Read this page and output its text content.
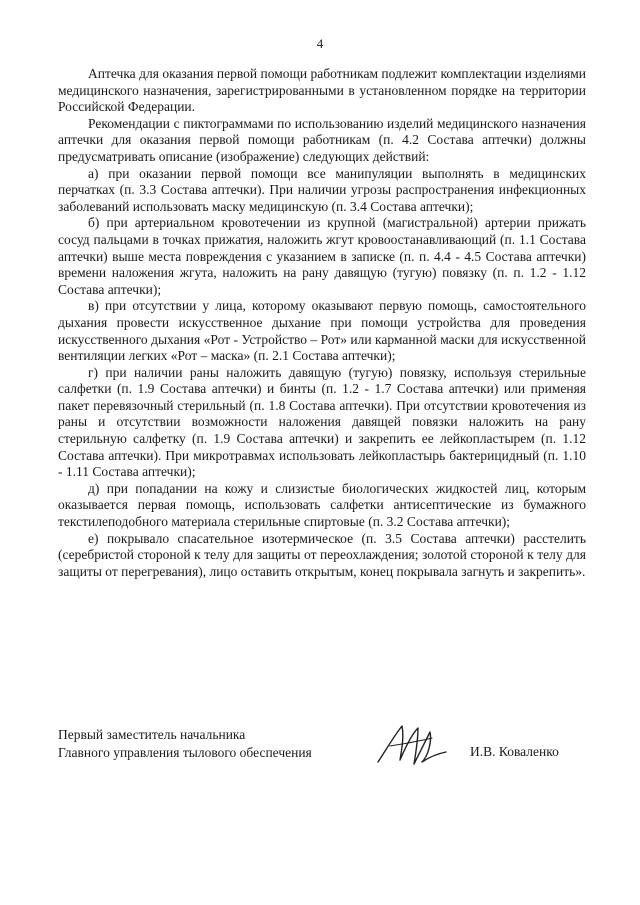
4

Аптечка для оказания первой помощи работникам подлежит комплектации изделиями медицинского назначения, зарегистрированными в установленном порядке на территории Российской Федерации.

Рекомендации с пиктограммами по использованию изделий медицинского назначения аптечки для оказания первой помощи работникам (п. 4.2 Состава аптечки) должны предусматривать описание (изображение) следующих действий:

а) при оказании первой помощи все манипуляции выполнять в медицинских перчатках (п. 3.3 Состава аптечки). При наличии угрозы распространения инфекционных заболеваний использовать маску медицинскую (п. 3.4 Состава аптечки);

б) при артериальном кровотечении из крупной (магистральной) артерии прижать сосуд пальцами в точках прижатия, наложить жгут кровоостанавливающий (п. 1.1 Состава аптечки) выше места повреждения с указанием в записке (п. п. 4.4 - 4.5 Состава аптечки) времени наложения жгута, наложить на рану давящую (тугую) повязку (п. п. 1.2 - 1.12 Состава аптечки);

в) при отсутствии у лица, которому оказывают первую помощь, самостоятельного дыхания провести искусственное дыхание при помощи устройства для проведения искусственного дыхания «Рот - Устройство – Рот» или карманной маски для искусственной вентиляции легких «Рот – маска» (п. 2.1 Состава аптечки);

г) при наличии раны наложить давящую (тугую) повязку, используя стерильные салфетки (п. 1.9 Состава аптечки) и бинты (п. 1.2 - 1.7 Состава аптечки) или применяя пакет перевязочный стерильный (п. 1.8 Состава аптечки). При отсутствии кровотечения из раны и отсутствии возможности наложения давящей повязки наложить на рану стерильную салфетку (п. 1.9 Состава аптечки) и закрепить ее лейкопластырем (п. 1.12 Состава аптечки). При микротравмах использовать лейкопластырь бактерицидный (п. 1.10 - 1.11 Состава аптечки);

д) при попадании на кожу и слизистые биологических жидкостей лиц, которым оказывается первая помощь, использовать салфетки антисептические из бумажного текстилеподобного материала стерильные спиртовые (п. 3.2 Состава аптечки);

е) покрывало спасательное изотермическое (п. 3.5 Состава аптечки) расстелить (серебристой стороной к телу для защиты от переохлаждения; золотой стороной к телу для защиты от перегревания), лицо оставить открытым, конец покрывала загнуть и закрепить».

Первый заместитель начальника
Главного управления тылового обеспечения	И.В. Коваленко
